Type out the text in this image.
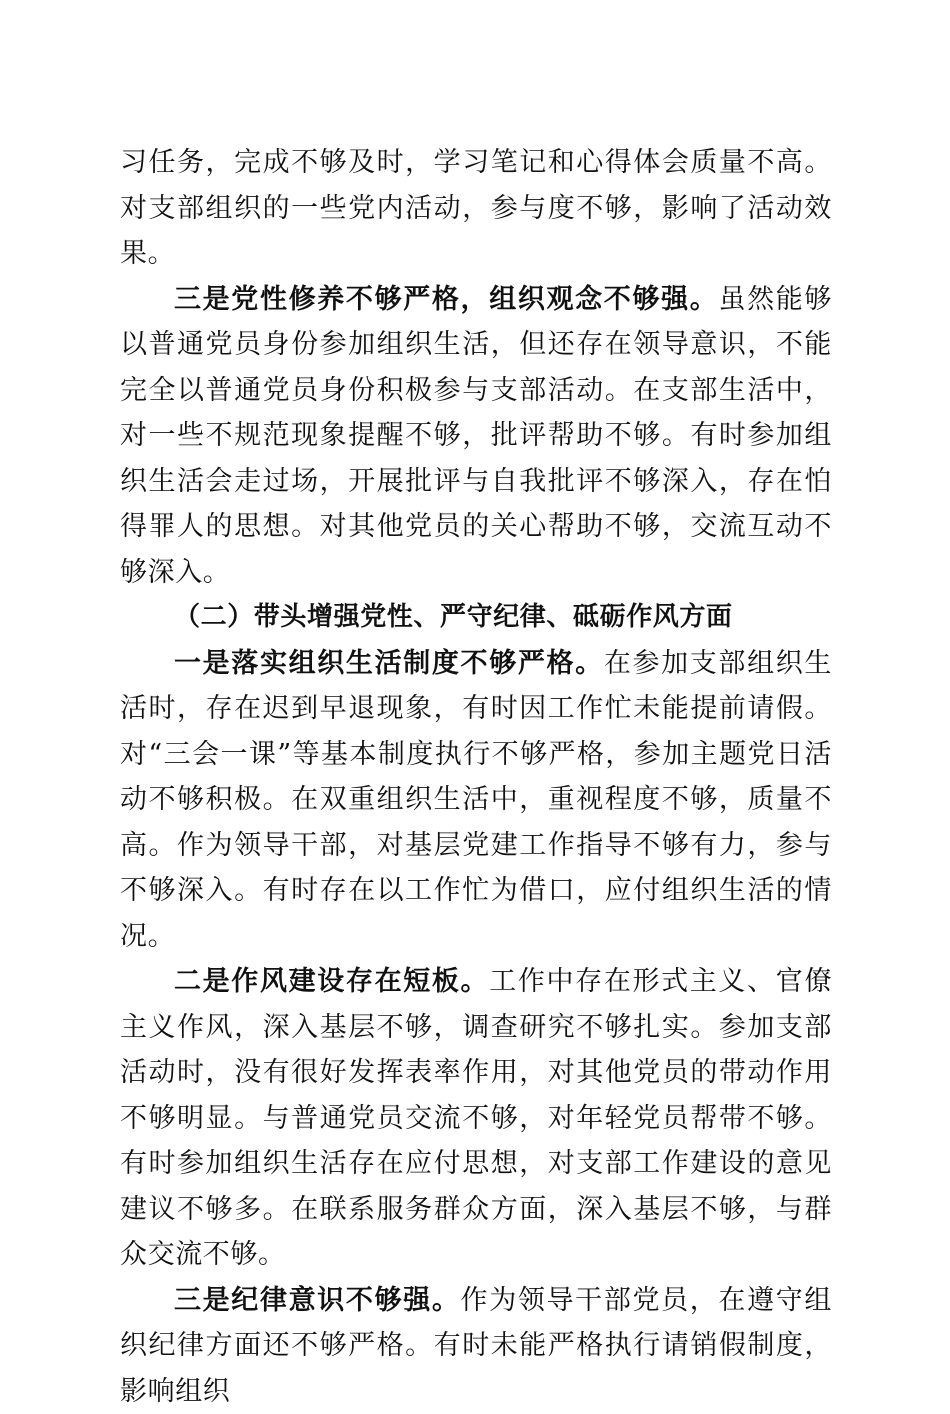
习任务，完成不够及时，学习笔记和心得体会质量不高。对支部组织的一些党内活动，参与度不够，影响了活动效果。

三是党性修养不够严格，组织观念不够强。虽然能够以普通党员身份参加组织生活，但还存在领导意识，不能完全以普通党员身份积极参与支部活动。在支部生活中，对一些不规范现象提醒不够，批评帮助不够。有时参加组织生活会走过场，开展批评与自我批评不够深入，存在怕得罪人的思想。对其他党员的关心帮助不够，交流互动不够深入。

（二）带头增强党性、严守纪律、砥砺作风方面

一是落实组织生活制度不够严格。在参加支部组织生活时，存在迟到早退现象，有时因工作忙未能提前请假。对“三会一课”等基本制度执行不够严格，参加主题党日活动不够积极。在双重组织生活中，重视程度不够，质量不高。作为领导干部，对基层党建工作指导不够有力，参与不够深入。有时存在以工作忙为借口，应付组织生活的情况。

二是作风建设存在短板。工作中存在形式主义、官僚主义作风，深入基层不够，调查研究不够扎实。参加支部活动时，没有很好发挥表率作用，对其他党员的带动作用不够明显。与普通党员交流不够，对年轻党员帮带不够。有时参加组织生活存在应付思想，对支部工作建设的意见建议不够多。在联系服务群众方面，深入基层不够，与群众交流不够。

三是纪律意识不够强。作为领导干部党员，在遵守组织纪律方面还不够严格。有时未能严格执行请销假制度，影响组织
